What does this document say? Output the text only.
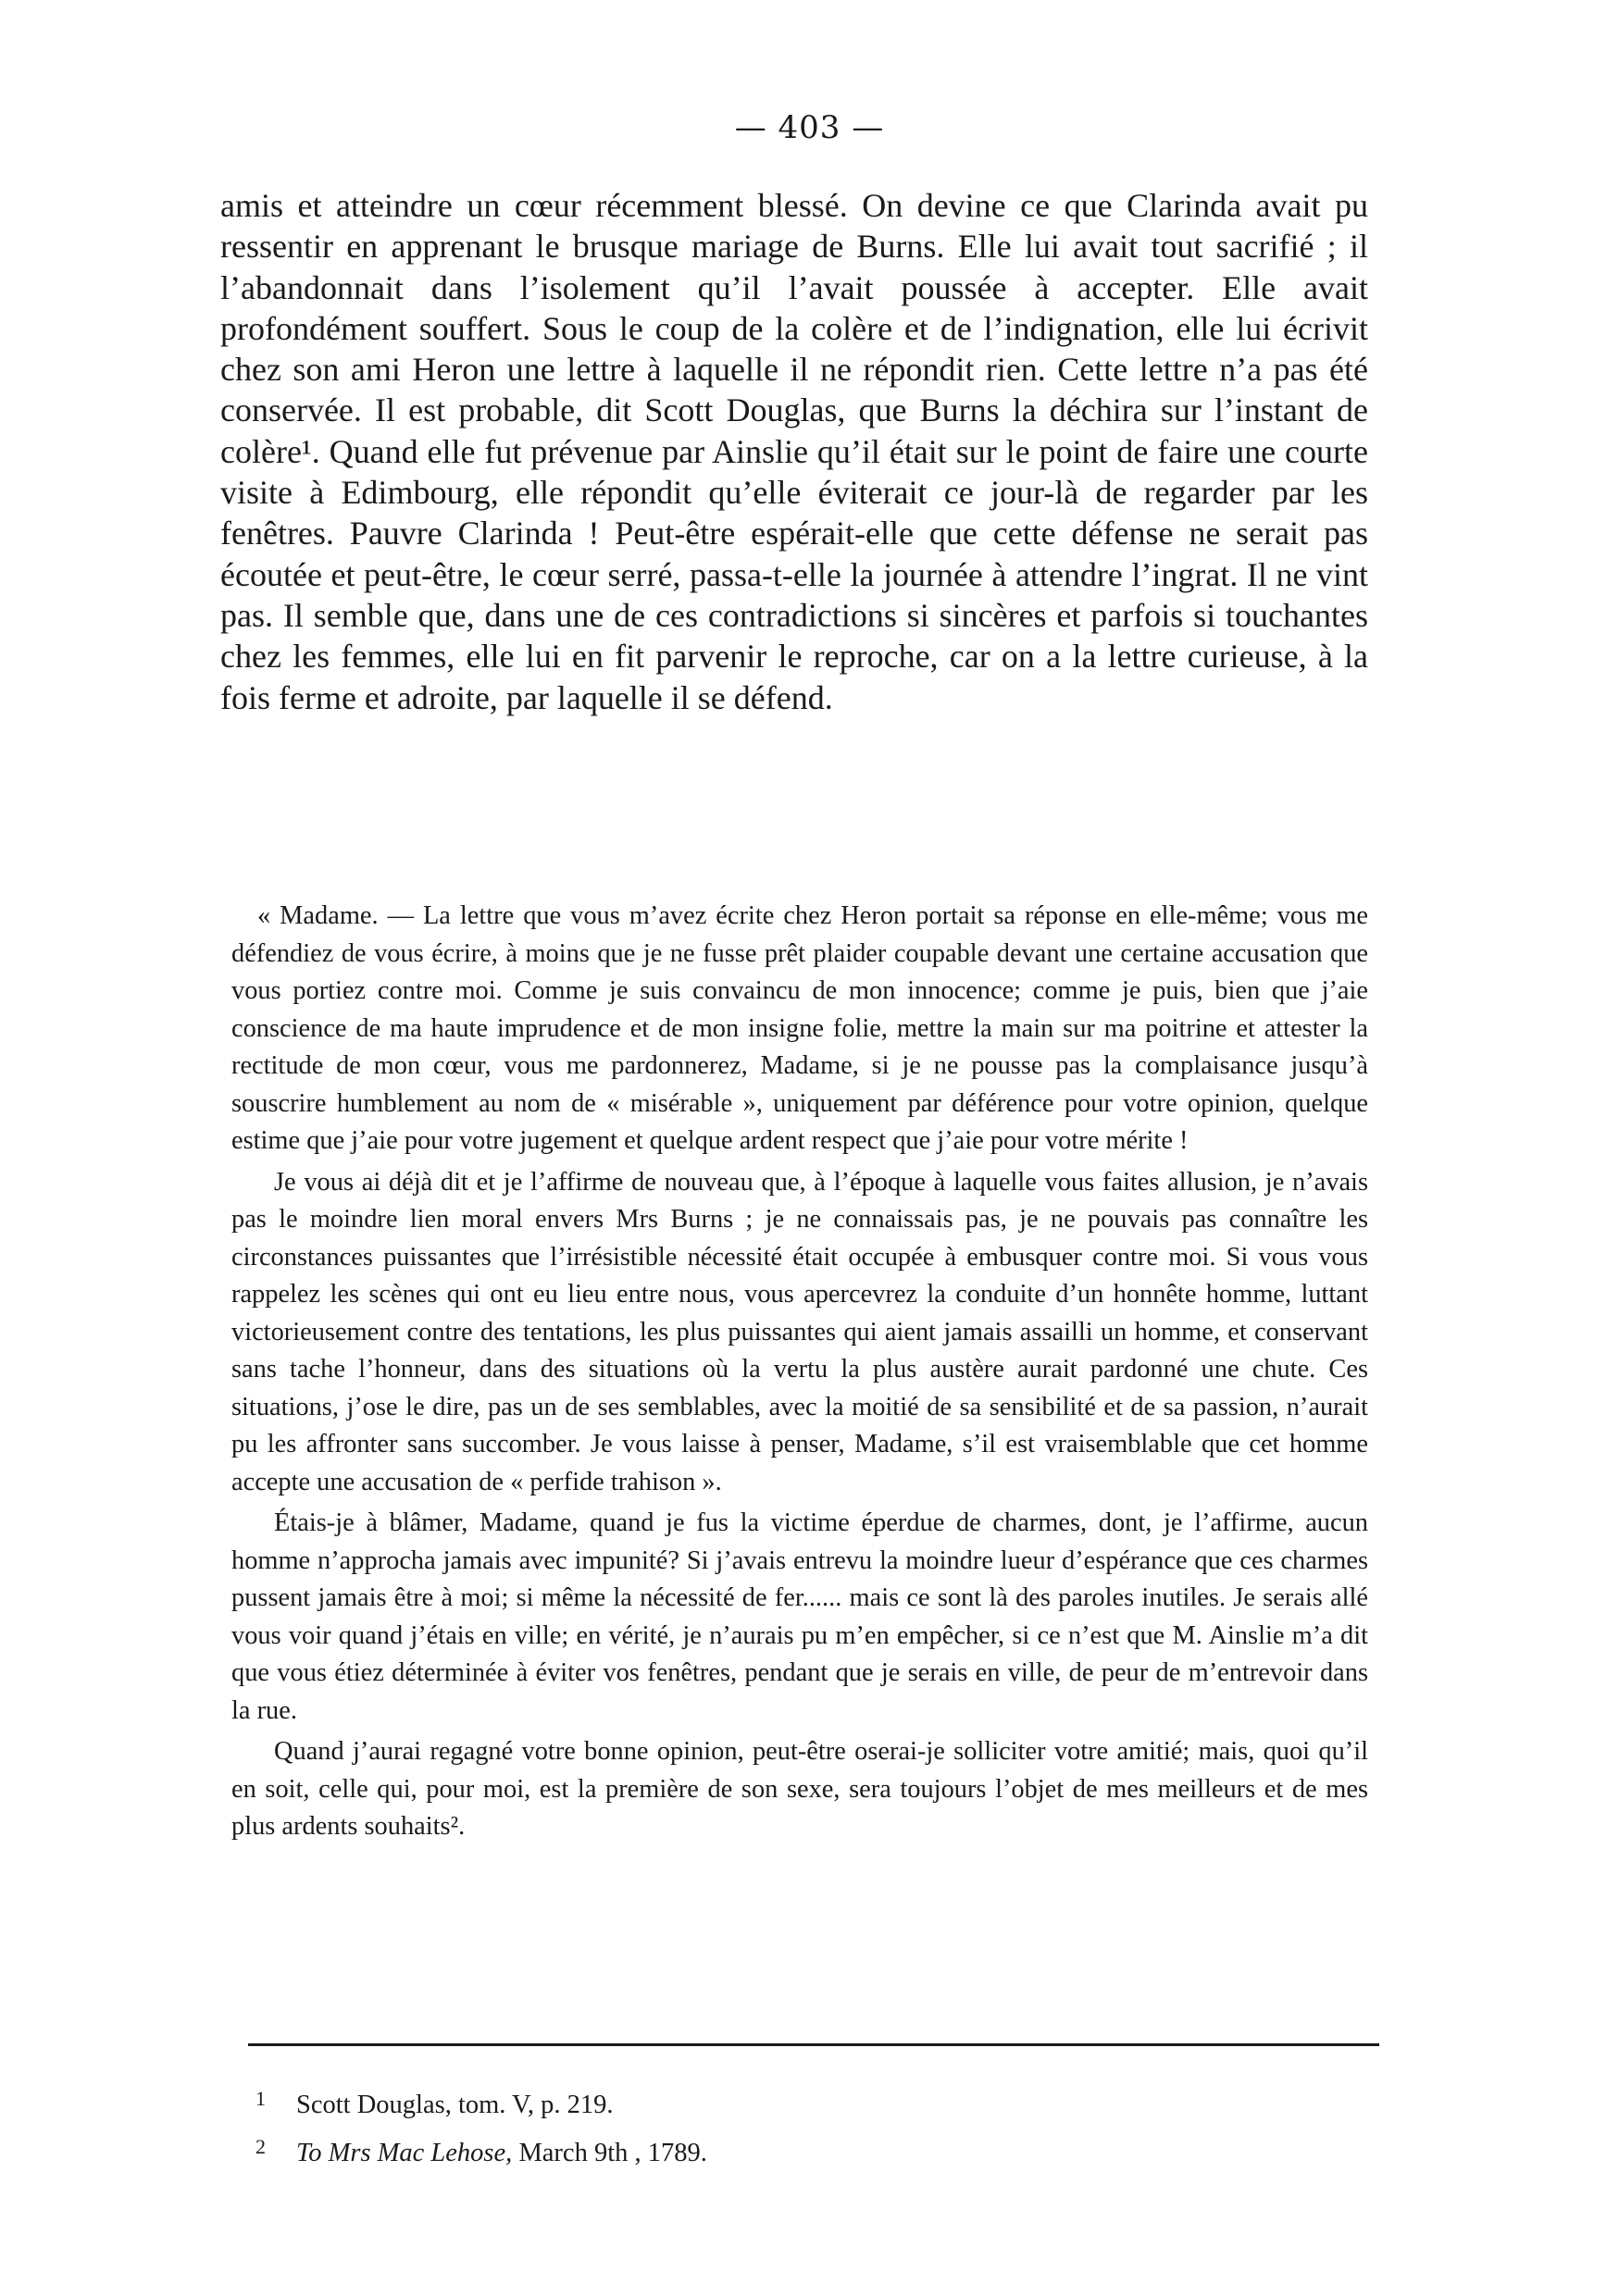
— 403 —

amis et atteindre un cœur récemment blessé. On devine ce que Clarinda avait pu ressentir en apprenant le brusque mariage de Burns. Elle lui avait tout sacrifié ; il l’abandonnait dans l’isolement qu’il l’avait poussée à accepter. Elle avait profondément souffert. Sous le coup de la colère et de l’indignation, elle lui écrivit chez son ami Heron une lettre à laquelle il ne répondit rien. Cette lettre n’a pas été conservée. Il est probable, dit Scott Douglas, que Burns la déchira sur l’instant de colère¹. Quand elle fut prévenue par Ainslie qu’il était sur le point de faire une courte visite à Edimbourg, elle répondit qu’elle éviterait ce jour-là de regarder par les fenêtres. Pauvre Clarinda ! Peut-être espérait-elle que cette défense ne serait pas écoutée et peut-être, le cœur serré, passa-t-elle la journée à attendre l’ingrat. Il ne vint pas. Il semble que, dans une de ces contradictions si sincères et parfois si touchantes chez les femmes, elle lui en fit parvenir le reproche, car on a la lettre curieuse, à la fois ferme et adroite, par laquelle il se défend.

« Madame. — La lettre que vous m’avez écrite chez Heron portait sa réponse en elle-même; vous me défendiez de vous écrire, à moins que je ne fusse prêt plaider coupable devant une certaine accusation que vous portiez contre moi. Comme je suis convaincu de mon innocence; comme je puis, bien que j’aie conscience de ma haute imprudence et de mon insigne folie, mettre la main sur ma poitrine et attester la rectitude de mon cœur, vous me pardonnerez, Madame, si je ne pousse pas la complaisance jusqu’à souscrire humblement au nom de « misérable », uniquement par déférence pour votre opinion, quelque estime que j’aie pour votre jugement et quelque ardent respect que j’aie pour votre mérite !

Je vous ai déjà dit et je l’affirme de nouveau que, à l’époque à laquelle vous faites allusion, je n’avais pas le moindre lien moral envers Mrs Burns ; je ne connaissais pas, je ne pouvais pas connaître les circonstances puissantes que l’irrésistible nécessité était occupée à embusquer contre moi. Si vous vous rappelez les scènes qui ont eu lieu entre nous, vous apercevrez la conduite d’un honnête homme, luttant victorieusement contre des tentations, les plus puissantes qui aient jamais assailli un homme, et conservant sans tache l’honneur, dans des situations où la vertu la plus austère aurait pardonné une chute. Ces situations, j’ose le dire, pas un de ses semblables, avec la moitié de sa sensibilité et de sa passion, n’aurait pu les affronter sans succomber. Je vous laisse à penser, Madame, s’il est vraisemblable que cet homme accepte une accusation de « perfide trahison ».

Étais-je à blâmer, Madame, quand je fus la victime éperdue de charmes, dont, je l’affirme, aucun homme n’approcha jamais avec impunité? Si j’avais entrevu la moindre lueur d’espérance que ces charmes pussent jamais être à moi; si même la nécessité de fer...... mais ce sont là des paroles inutiles. Je serais allé vous voir quand j’étais en ville; en vérité, je n’aurais pu m’en empêcher, si ce n’est que M. Ainslie m’a dit que vous étiez déterminée à éviter vos fenêtres, pendant que je serais en ville, de peur de m’entrevoir dans la rue.

Quand j’aurai regagné votre bonne opinion, peut-être oserai-je solliciter votre amitié; mais, quoi qu’il en soit, celle qui, pour moi, est la première de son sexe, sera toujours l’objet de mes meilleurs et de mes plus ardents souhaits².

1 Scott Douglas, tom. V, p. 219.

2 To Mrs Mac Lehose, March 9th , 1789.
